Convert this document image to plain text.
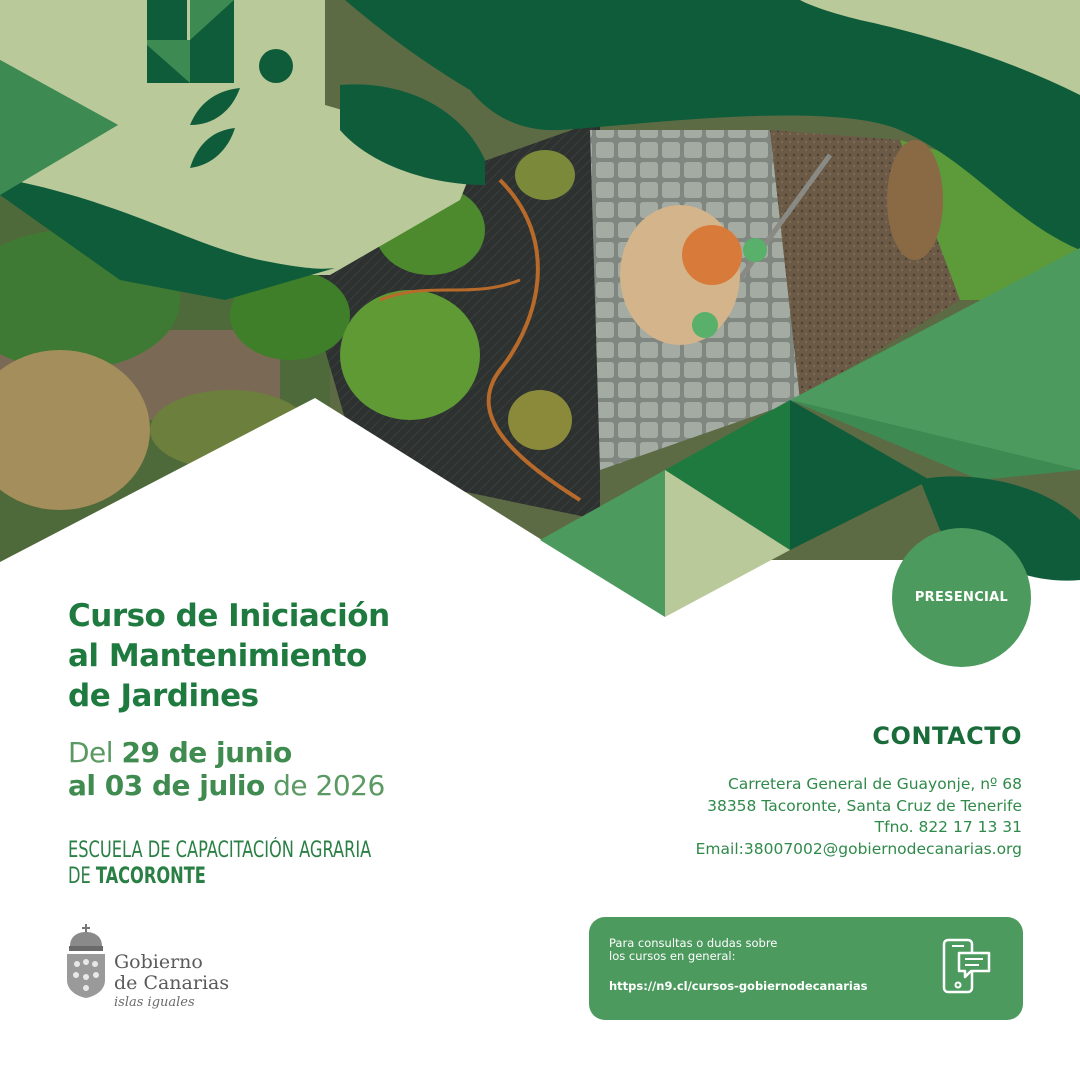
Curso de Iniciación
al Mantenimiento
de Jardines
Del 29 de junio
al 03 de julio de 2026
ESCUELA DE CAPACITACIÓN AGRARIA
DE TACORONTE
PRESENCIAL
CONTACTO
Carretera General de Guayonje, nº 68
38358 Tacoronte, Santa Cruz de Tenerife
Tfno. 822 17 13 31
Email:38007002@gobiernodecanarias.org
Para consultas o dudas sobre
los cursos en general:
https://n9.cl/cursos-gobiernodecanarias
Gobierno
de Canarias
islas iguales
